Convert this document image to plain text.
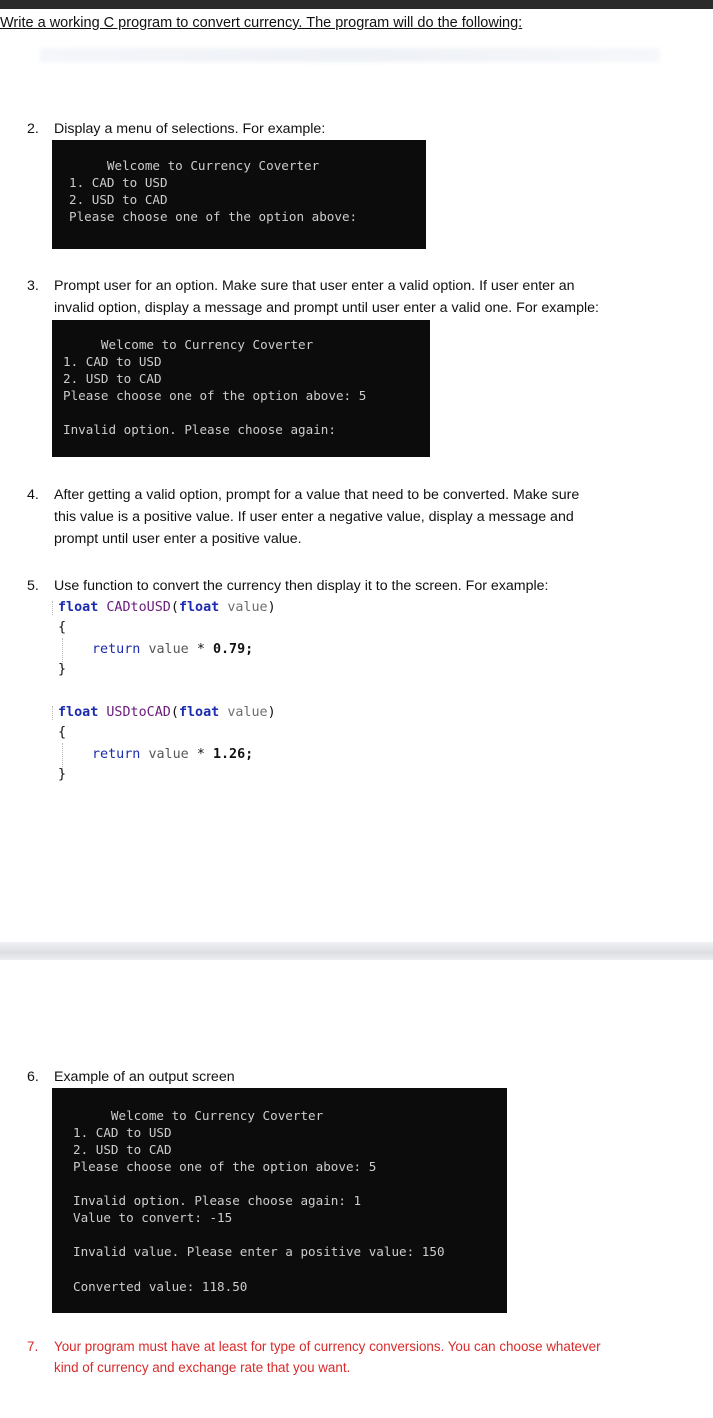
Write a working C program to convert currency. The program will do the following:
2. Display a menu of selections. For example:
Welcome to Currency Coverter
1. CAD to USD
2. USD to CAD
Please choose one of the option above:
3. Prompt user for an option. Make sure that user enter a valid option. If user enter an
invalid option, display a message and prompt until user enter a valid one. For example:
Welcome to Currency Coverter
1. CAD to USD
2. USD to CAD
Please choose one of the option above: 5
Invalid option. Please choose again:
4. After getting a valid option, prompt for a value that need to be converted. Make sure
this value is a positive value. If user enter a negative value, display a message and
prompt until user enter a positive value.
5. Use function to convert the currency then display it to the screen. For example:
float CADtoUSD(float value)
{
return value * 0.79;
}
float USDtoCAD(float value)
{
return value * 1.26;
}
6. Example of an output screen
Welcome to Currency Coverter
1. CAD to USD
2. USD to CAD
Please choose one of the option above: 5
Invalid option. Please choose again: 1
Value to convert: -15
Invalid value. Please enter a positive value: 150
Converted value: 118.50
7. Your program must have at least for type of currency conversions. You can choose whatever
kind of currency and exchange rate that you want.
